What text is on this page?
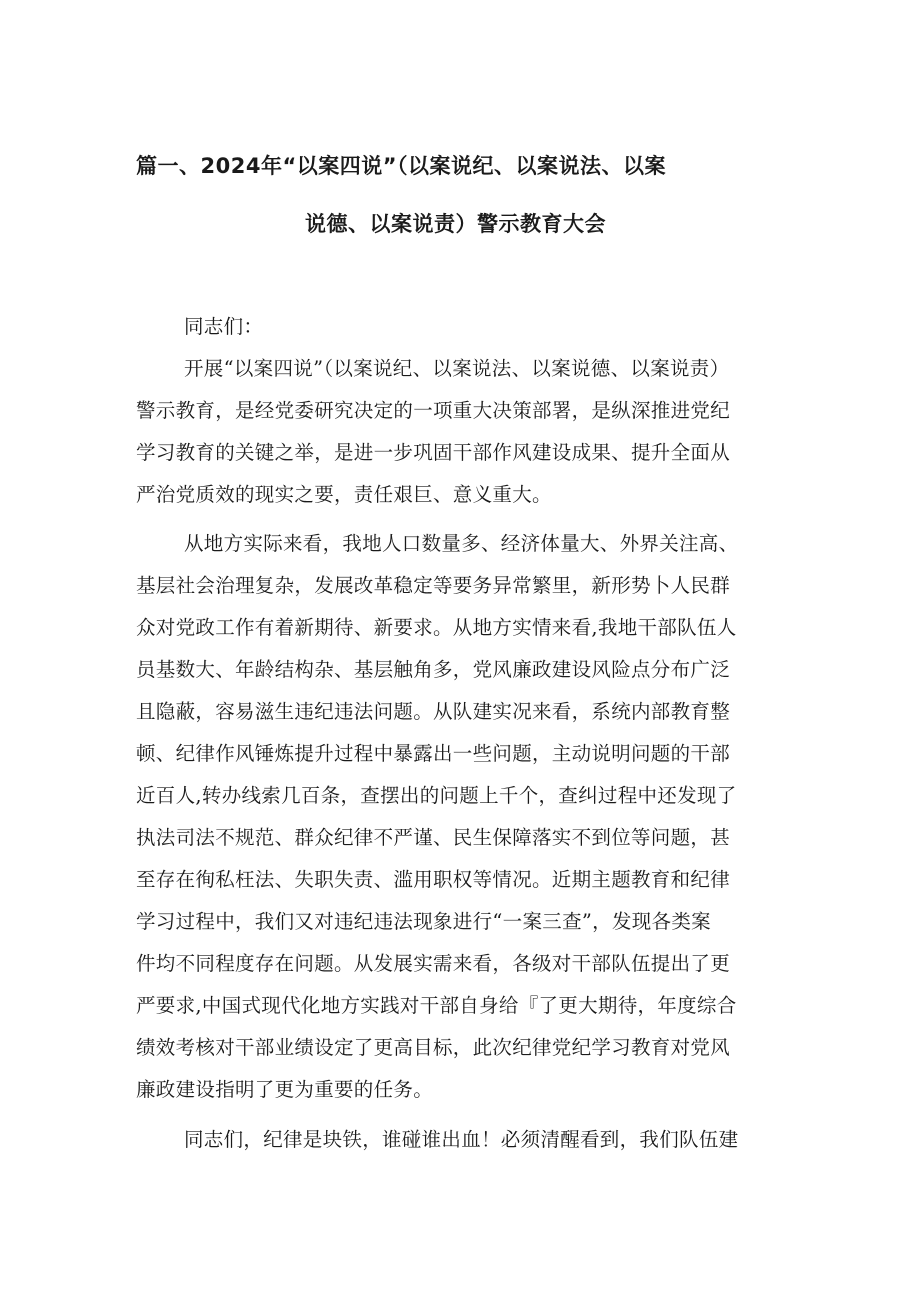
篇一、2024年“以案四说”（以案说纪、以案说法、以案
说德、以案说责）警示教育大会
同志们：
开展“以案四说”（以案说纪、以案说法、以案说德、以案说责）
警示教育，是经党委研究决定的一项重大决策部署，是纵深推进党纪
学习教育的关键之举，是进一步巩固干部作风建设成果、提升全面从
严治党质效的现实之要，责任艰巨、意义重大。
从地方实际来看，我地人口数量多、经济体量大、外界关注高、
基层社会治理复杂，发展改革稳定等要务异常繁里，新形势卜人民群
众对党政工作有着新期待、新要求。从地方实情来看,我地干部队伍人
员基数大、年龄结构杂、基层触角多，党风廉政建设风险点分布广泛
且隐蔽，容易滋生违纪违法问题。从队建实况来看，系统内部教育整
顿、纪律作风锤炼提升过程中暴露出一些问题，主动说明问题的干部
近百人,转办线索几百条，查摆出的问题上千个，查纠过程中还发现了
执法司法不规范、群众纪律不严谨、民生保障落实不到位等问题，甚
至存在徇私枉法、失职失责、滥用职权等情况。近期主题教育和纪律
学习过程中，我们又对违纪违法现象进行“一案三查”，发现各类案
件均不同程度存在问题。从发展实需来看，各级对干部队伍提出了更
严要求,中国式现代化地方实践对干部自身给『了更大期待，年度综合
绩效考核对干部业绩设定了更高目标，此次纪律党纪学习教育对党风
廉政建设指明了更为重要的任务。
同志们，纪律是块铁，谁碰谁出血！必须清醒看到，我们队伍建
